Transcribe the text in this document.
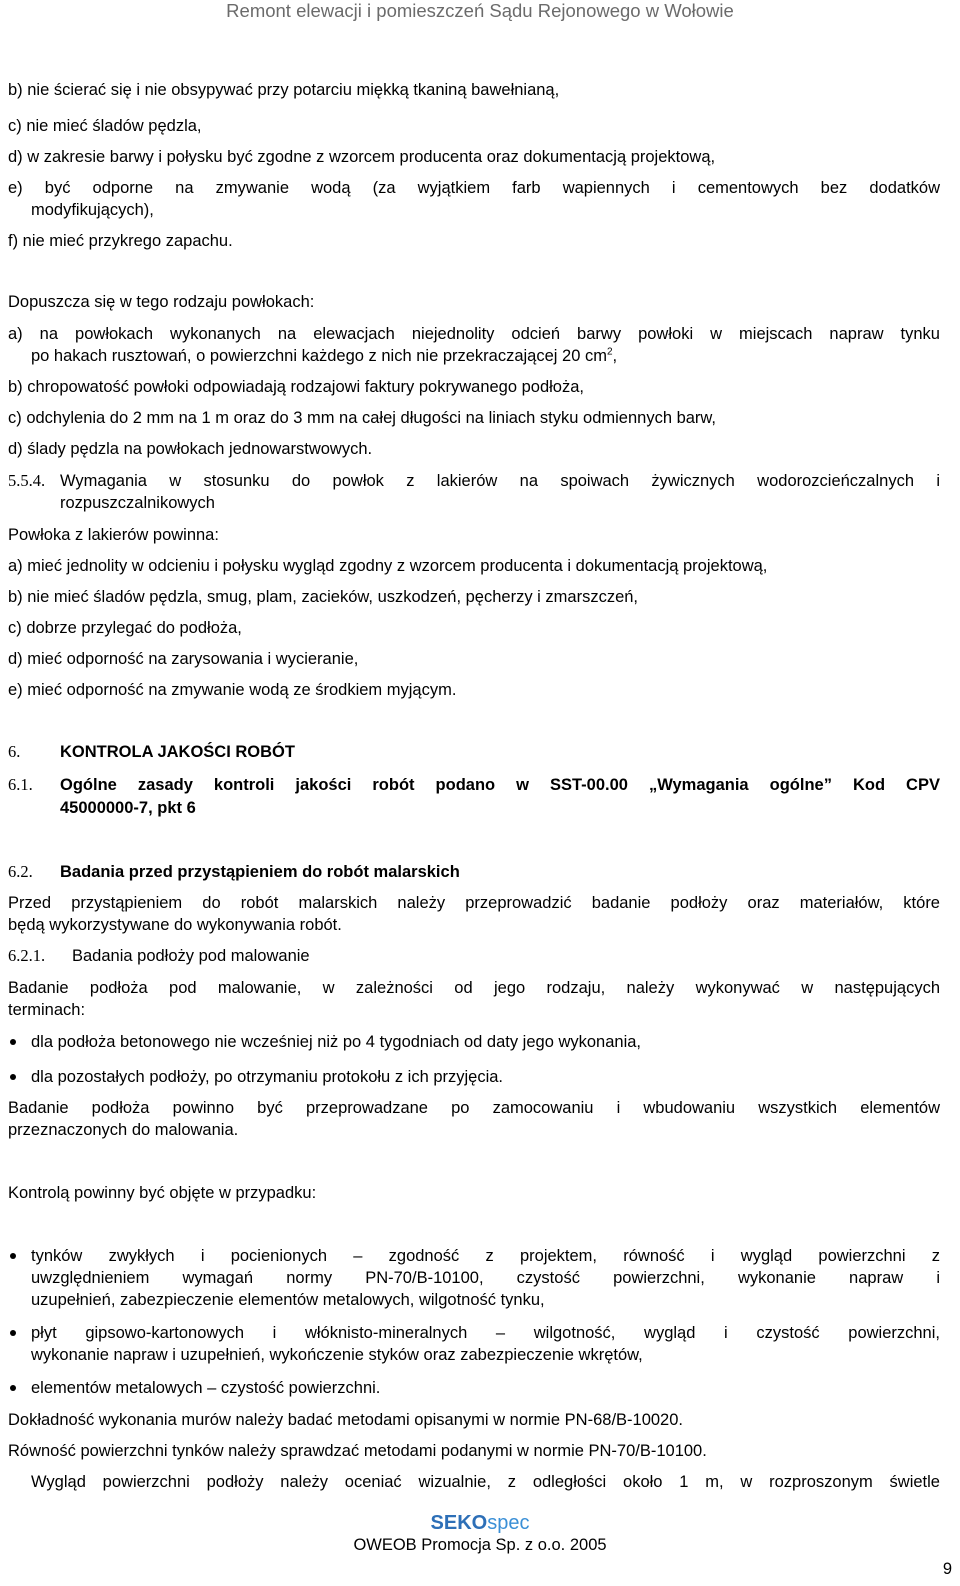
Remont elewacji i pomieszczeń Sądu Rejonowego w Wołowie
b) nie ścierać się i nie obsypywać przy potarciu miękką tkaniną bawełnianą,
c) nie mieć śladów pędzla,
d) w zakresie barwy i połysku być zgodne z wzorcem producenta oraz dokumentacją projektową,
e) być odporne na zmywanie wodą (za wyjątkiem farb wapiennych i cementowych bez dodatków
modyfikujących),
f) nie mieć przykrego zapachu.
Dopuszcza się w tego rodzaju powłokach:
a) na powłokach wykonanych na elewacjach niejednolity odcień barwy powłoki w miejscach napraw tynku
po hakach rusztowań, o powierzchni każdego z nich nie przekraczającej 20 $cm^2$,
b) chropowatość powłoki odpowiadają rodzajowi faktury pokrywanego podłoża,
c) odchylenia do 2 mm na 1 m oraz do 3 mm na całej długości na liniach styku odmiennych barw,
d) ślady pędzla na powłokach jednowarstwowych.
5.5.4. Wymagania w stosunku do powłok z lakierów na spoiwach żywicznych wodorozcieńczalnych i
rozpuszczalnikowych
Powłoka z lakierów powinna:
a) mieć jednolity w odcieniu i połysku wygląd zgodny z wzorcem producenta i dokumentacją projektową,
b) nie mieć śladów pędzla, smug, plam, zacieków, uszkodzeń, pęcherzy i zmarszczeń,
c) dobrze przylegać do podłoża,
d) mieć odporność na zarysowania i wycieranie,
e) mieć odporność na zmywanie wodą ze środkiem myjącym.
6. KONTROLA JAKOŚCI ROBÓT
6.1. Ogólne zasady kontroli jakości robót podano w SST-00.00 „Wymagania ogólne” Kod CPV
45000000-7, pkt 6
6.2. Badania przed przystąpieniem do robót malarskich
Przed przystąpieniem do robót malarskich należy przeprowadzić badanie podłoży oraz materiałów, które
będą wykorzystywane do wykonywania robót.
6.2.1. Badania podłoży pod malowanie
Badanie podłoża pod malowanie, w zależności od jego rodzaju, należy wykonywać w następujących
terminach:
dla podłoża betonowego nie wcześniej niż po 4 tygodniach od daty jego wykonania,
dla pozostałych podłoży, po otrzymaniu protokołu z ich przyjęcia.
Badanie podłoża powinno być przeprowadzane po zamocowaniu i wbudowaniu wszystkich elementów
przeznaczonych do malowania.
Kontrolą powinny być objęte w przypadku:
tynków zwykłych i pocienionych – zgodność z projektem, równość i wygląd powierzchni z
uwzględnieniem wymagań normy PN-70/B-10100, czystość powierzchni, wykonanie napraw i
uzupełnień, zabezpieczenie elementów metalowych, wilgotność tynku,
płyt gipsowo-kartonowych i włóknisto-mineralnych – wilgotność, wygląd i czystość powierzchni,
wykonanie napraw i uzupełnień, wykończenie styków oraz zabezpieczenie wkrętów,
elementów metalowych – czystość powierzchni.
Dokładność wykonania murów należy badać metodami opisanymi w normie PN-68/B-10020.
Równość powierzchni tynków należy sprawdzać metodami podanymi w normie PN-70/B-10100.
Wygląd powierzchni podłoży należy oceniać wizualnie, z odległości około 1 m, w rozproszonym świetle
SEKOspec
OWEOB Promocja Sp. z o.o. 2005
9
